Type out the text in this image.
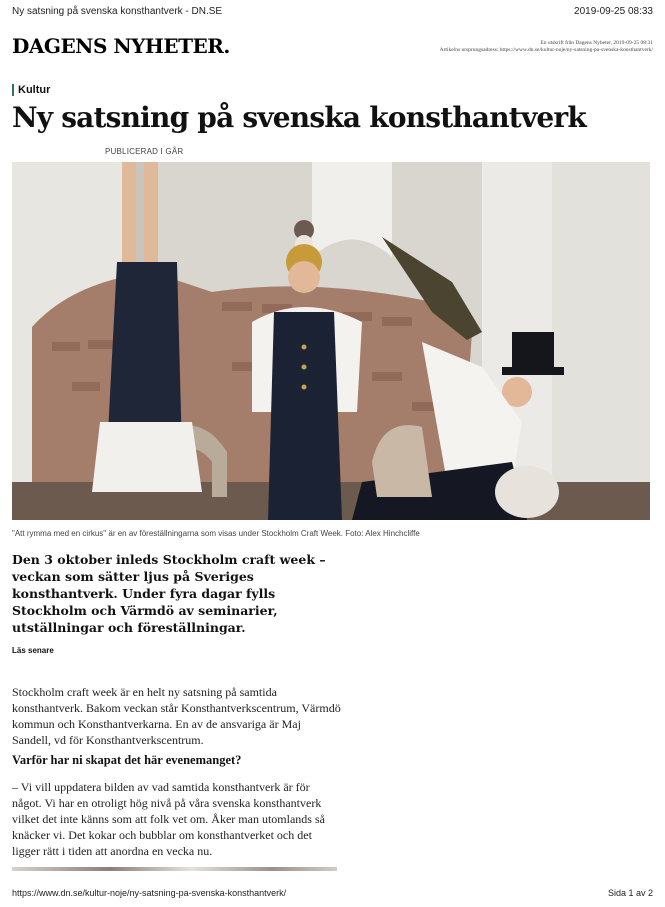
Ny satsning på svenska konsthantverk - DN.SE	2019-09-25 08:33
DAGENS NYHETER.	En utskrift från Dagens Nyheter, 2019-09-25 08:31
Artikelns ursprungsadress: https://www.dn.se/kultur-noje/ny-satsning-pa-svenska-konsthantverk/
Kultur
Ny satsning på svenska konsthantverk
PUBLICERAD I GÅR
"Att rymma med en cirkus" är en av föreställningarna som visas under Stockholm Craft Week. Foto: Alex Hinchcliffe

Den 3 oktober inleds Stockholm craft week – veckan som sätter ljus på Sveriges konsthantverk. Under fyra dagar fylls Stockholm och Värmdö av seminarier, utställningar och föreställningar.

Läs senare

Stockholm craft week är en helt ny satsning på samtida konsthantverk. Bakom veckan står Konsthantverkscentrum, Värmdö kommun och Konsthantverkarna. En av de ansvariga är Maj Sandell, vd för Konsthantverkscentrum.

Varför har ni skapat det här evenemanget?

– Vi vill uppdatera bilden av vad samtida konsthantverk är för något. Vi har en otroligt hög nivå på våra svenska konsthantverk vilket det inte känns som att folk vet om. Åker man utomlands så knäcker vi. Det kokar och bubblar om konsthantverket och det ligger rätt i tiden att anordna en vecka nu.

https://www.dn.se/kultur-noje/ny-satsning-pa-svenska-konsthantverk/	Sida 1 av 2
